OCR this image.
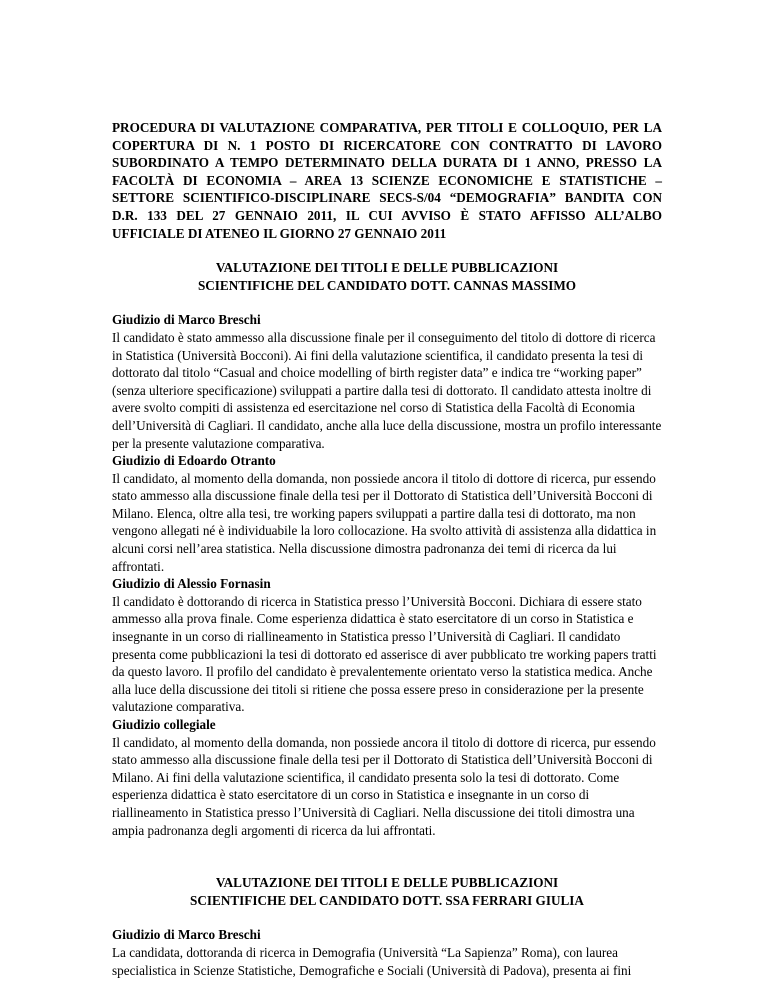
PROCEDURA DI VALUTAZIONE COMPARATIVA, PER TITOLI E COLLOQUIO, PER LA COPERTURA DI N. 1 POSTO DI RICERCATORE CON CONTRATTO DI LAVORO SUBORDINATO A TEMPO DETERMINATO DELLA DURATA DI 1 ANNO, PRESSO LA FACOLTÀ DI ECONOMIA – AREA 13 SCIENZE ECONOMICHE E STATISTICHE – SETTORE SCIENTIFICO-DISCIPLINARE SECS-S/04 “DEMOGRAFIA” BANDITA CON D.R. 133 DEL 27 GENNAIO 2011, IL CUI AVVISO È STATO AFFISSO ALL’ALBO UFFICIALE DI ATENEO IL GIORNO 27 GENNAIO 2011

VALUTAZIONE DEI TITOLI E DELLE PUBBLICAZIONI

SCIENTIFICHE DEL CANDIDATO DOTT. CANNAS MASSIMO

Giudizio di Marco Breschi

Il candidato è stato ammesso alla discussione finale per il conseguimento del titolo di dottore di ricerca in Statistica (Università Bocconi). Ai fini della valutazione scientifica, il candidato presenta la tesi di dottorato dal titolo “Casual and choice modelling of birth register data” e indica tre “working paper” (senza ulteriore specificazione) sviluppati a partire dalla tesi di dottorato. Il candidato attesta inoltre di avere svolto compiti di assistenza ed esercitazione nel corso di Statistica della Facoltà di Economia dell’Università di Cagliari. Il candidato, anche alla luce della discussione, mostra un profilo interessante per la presente valutazione comparativa.

Giudizio di Edoardo Otranto

Il candidato, al momento della domanda, non possiede ancora il titolo di dottore di ricerca, pur essendo stato ammesso alla discussione finale della tesi per il Dottorato di Statistica dell’Università Bocconi di Milano. Elenca, oltre alla tesi, tre working papers sviluppati a partire dalla tesi di dottorato, ma non vengono allegati né è individuabile la loro collocazione. Ha svolto attività di assistenza alla didattica in alcuni corsi nell’area statistica. Nella discussione dimostra padronanza dei temi di ricerca da lui affrontati.

Giudizio di Alessio Fornasin

Il candidato è dottorando di ricerca in Statistica presso l’Università Bocconi. Dichiara di essere stato ammesso alla prova finale. Come esperienza didattica è stato esercitatore di un corso in Statistica e insegnante in un corso di riallineamento in Statistica presso l’Università di Cagliari. Il candidato presenta come pubblicazioni la tesi di dottorato ed asserisce di aver pubblicato tre working papers tratti da questo lavoro. Il profilo del candidato è prevalentemente orientato verso la statistica medica. Anche alla luce della discussione dei titoli si ritiene che possa essere preso in considerazione per la presente valutazione comparativa.

Giudizio collegiale

Il candidato, al momento della domanda, non possiede ancora il titolo di dottore di ricerca, pur essendo stato ammesso alla discussione finale della tesi per il Dottorato di Statistica dell’Università Bocconi di Milano. Ai fini della valutazione scientifica, il candidato presenta solo la tesi di dottorato. Come esperienza didattica è stato esercitatore di un corso in Statistica e insegnante in un corso di riallineamento in Statistica presso l’Università di Cagliari. Nella discussione dei titoli dimostra una ampia padronanza degli argomenti di ricerca da lui affrontati.

VALUTAZIONE DEI TITOLI E DELLE PUBBLICAZIONI

SCIENTIFICHE DEL CANDIDATO DOTT. SSA FERRARI GIULIA

Giudizio di Marco Breschi

La candidata, dottoranda di ricerca in Demografia (Università “La Sapienza” Roma), con laurea specialistica in Scienze Statistiche, Demografiche e Sociali (Università di Padova), presenta ai fini
